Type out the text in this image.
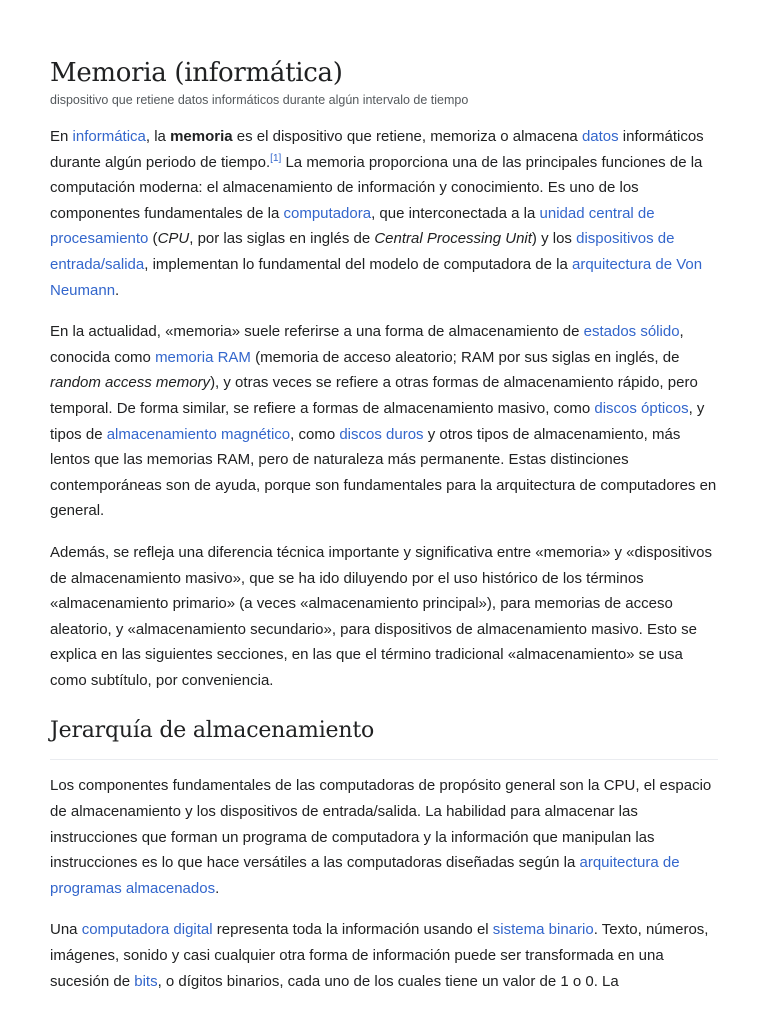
Memoria (informática)
dispositivo que retiene datos informáticos durante algún intervalo de tiempo

En informática, la memoria es el dispositivo que retiene, memoriza o almacena datos informáticos durante algún periodo de tiempo.[1] La memoria proporciona una de las principales funciones de la computación moderna: el almacenamiento de información y conocimiento. Es uno de los componentes fundamentales de la computadora, que interconectada a la unidad central de procesamiento (CPU, por las siglas en inglés de Central Processing Unit) y los dispositivos de entrada/salida, implementan lo fundamental del modelo de computadora de la arquitectura de Von Neumann.

En la actualidad, «memoria» suele referirse a una forma de almacenamiento de estados sólido, conocida como memoria RAM (memoria de acceso aleatorio; RAM por sus siglas en inglés, de random access memory), y otras veces se refiere a otras formas de almacenamiento rápido, pero temporal. De forma similar, se refiere a formas de almacenamiento masivo, como discos ópticos, y tipos de almacenamiento magnético, como discos duros y otros tipos de almacenamiento, más lentos que las memorias RAM, pero de naturaleza más permanente. Estas distinciones contemporáneas son de ayuda, porque son fundamentales para la arquitectura de computadores en general.

Además, se refleja una diferencia técnica importante y significativa entre «memoria» y «dispositivos de almacenamiento masivo», que se ha ido diluyendo por el uso histórico de los términos «almacenamiento primario» (a veces «almacenamiento principal»), para memorias de acceso aleatorio, y «almacenamiento secundario», para dispositivos de almacenamiento masivo. Esto se explica en las siguientes secciones, en las que el término tradicional «almacenamiento» se usa como subtítulo, por conveniencia.

Jerarquía de almacenamiento

Los componentes fundamentales de las computadoras de propósito general son la CPU, el espacio de almacenamiento y los dispositivos de entrada/salida. La habilidad para almacenar las instrucciones que forman un programa de computadora y la información que manipulan las instrucciones es lo que hace versátiles a las computadoras diseñadas según la arquitectura de programas almacenados.

Una computadora digital representa toda la información usando el sistema binario. Texto, números, imágenes, sonido y casi cualquier otra forma de información puede ser transformada en una sucesión de bits, o dígitos binarios, cada uno de los cuales tiene un valor de 1 o 0. La
